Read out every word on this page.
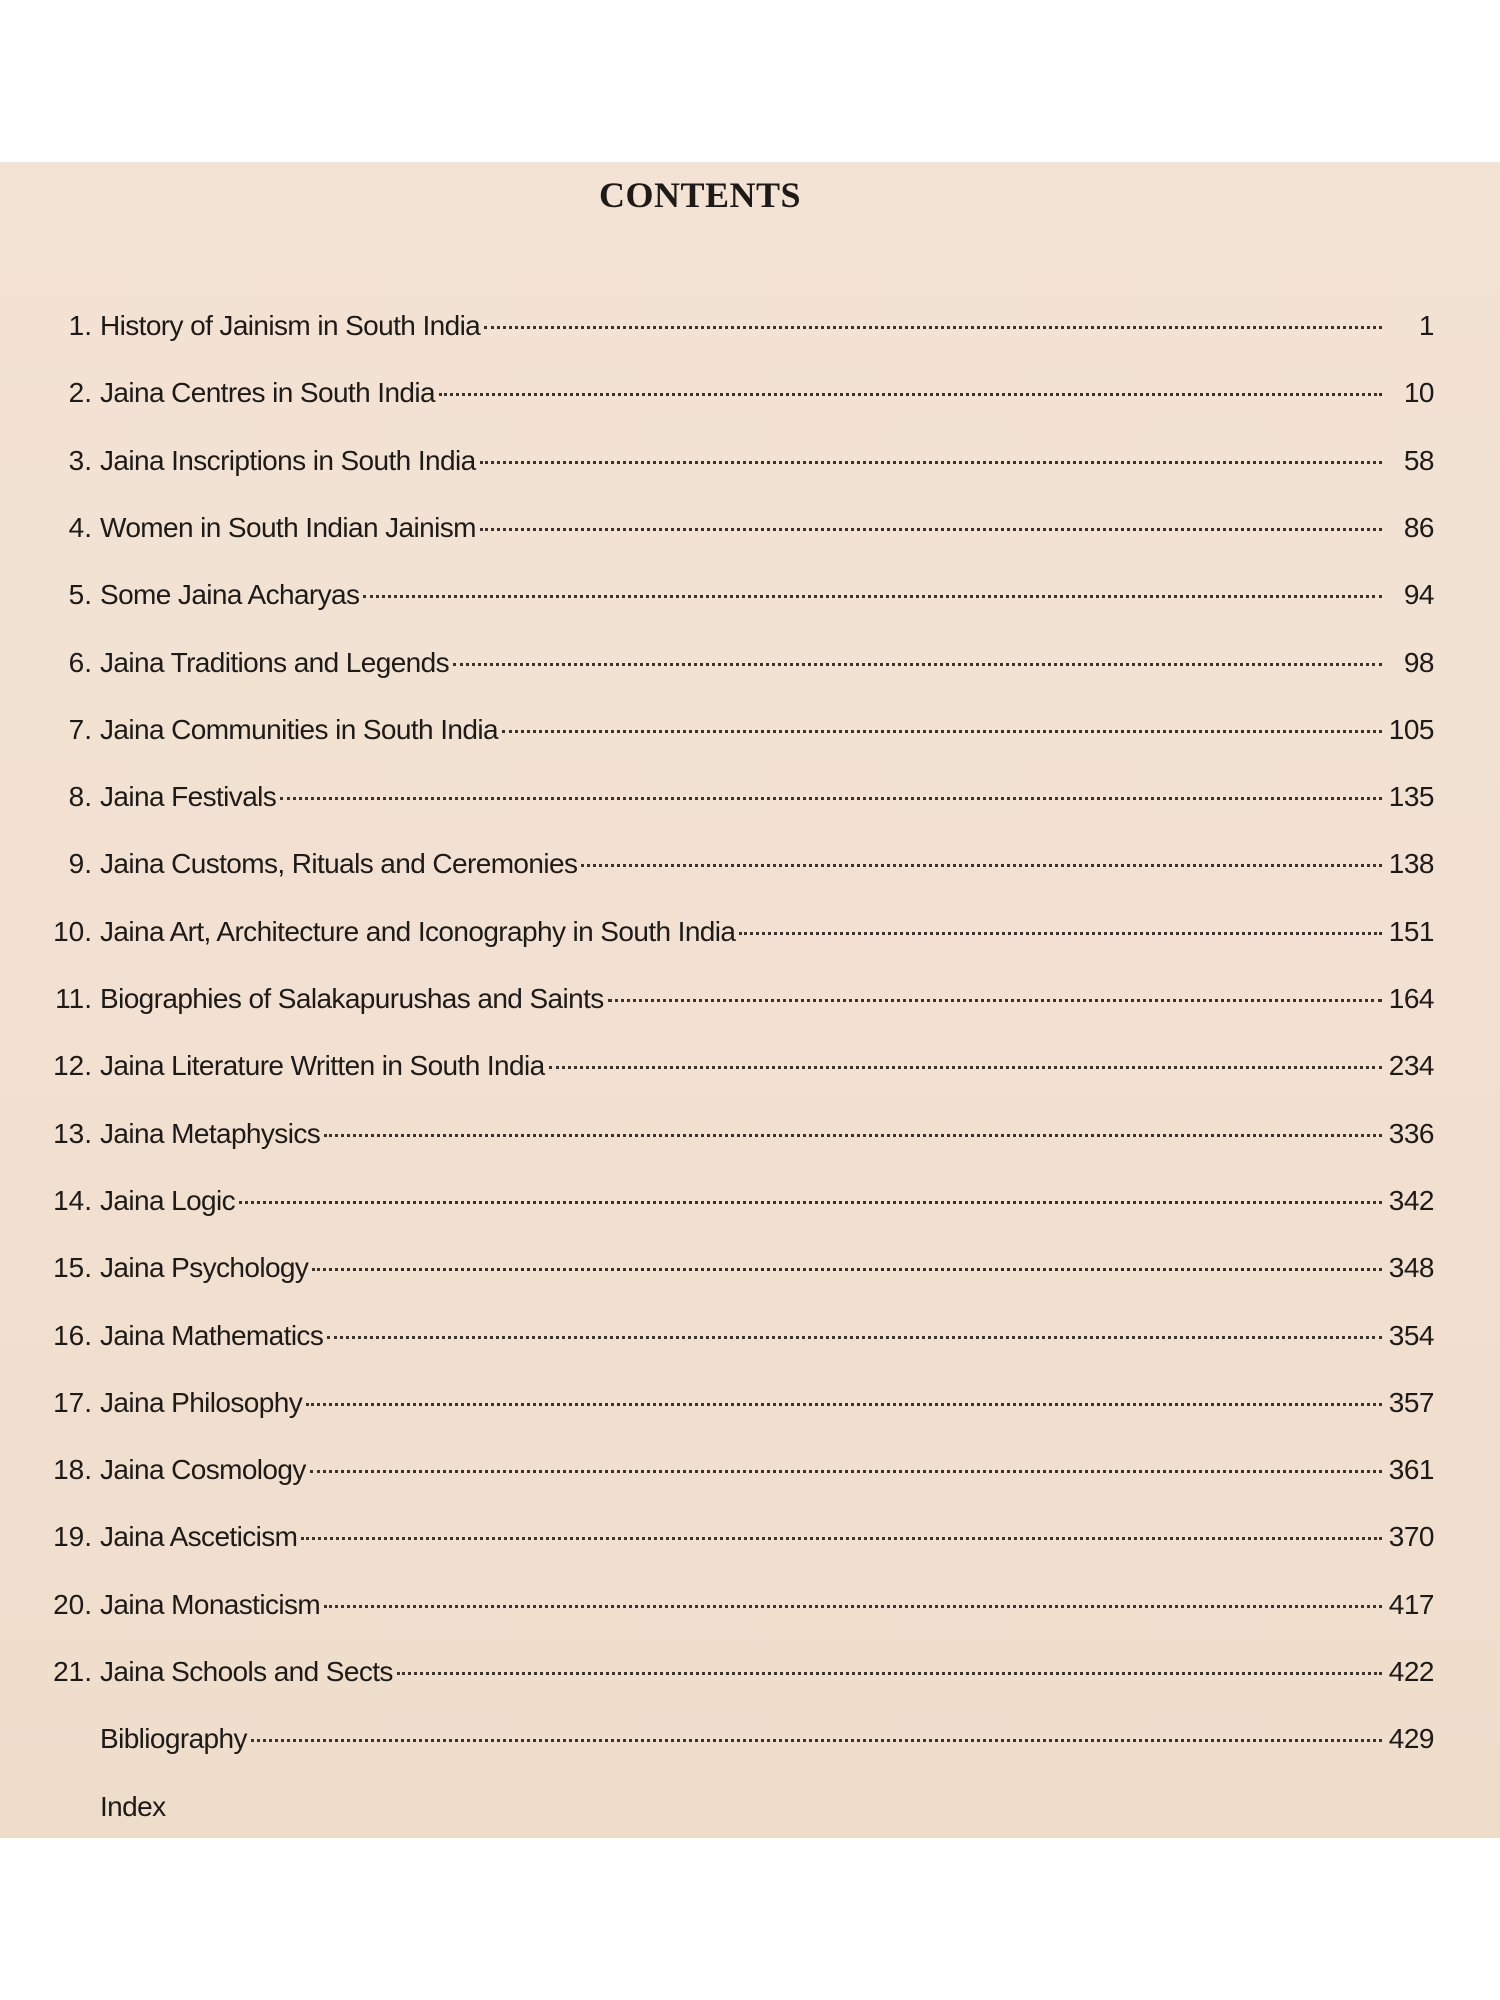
CONTENTS
1. History of Jainism in South India	1
2. Jaina Centres in South India	10
3. Jaina Inscriptions in South India	58
4. Women in South Indian Jainism	86
5. Some Jaina Acharyas	94
6. Jaina Traditions and Legends	98
7. Jaina Communities in South India	105
8. Jaina Festivals	135
9. Jaina Customs, Rituals and Ceremonies	138
10. Jaina Art, Architecture and Iconography in South India	151
11. Biographies of Salakapurushas and Saints	164
12. Jaina Literature Written in South India	234
13. Jaina Metaphysics	336
14. Jaina Logic	342
15. Jaina Psychology	348
16. Jaina Mathematics	354
17. Jaina Philosophy	357
18. Jaina Cosmology	361
19. Jaina Asceticism	370
20. Jaina Monasticism	417
21. Jaina Schools and Sects	422
Bibliography	429
Index
